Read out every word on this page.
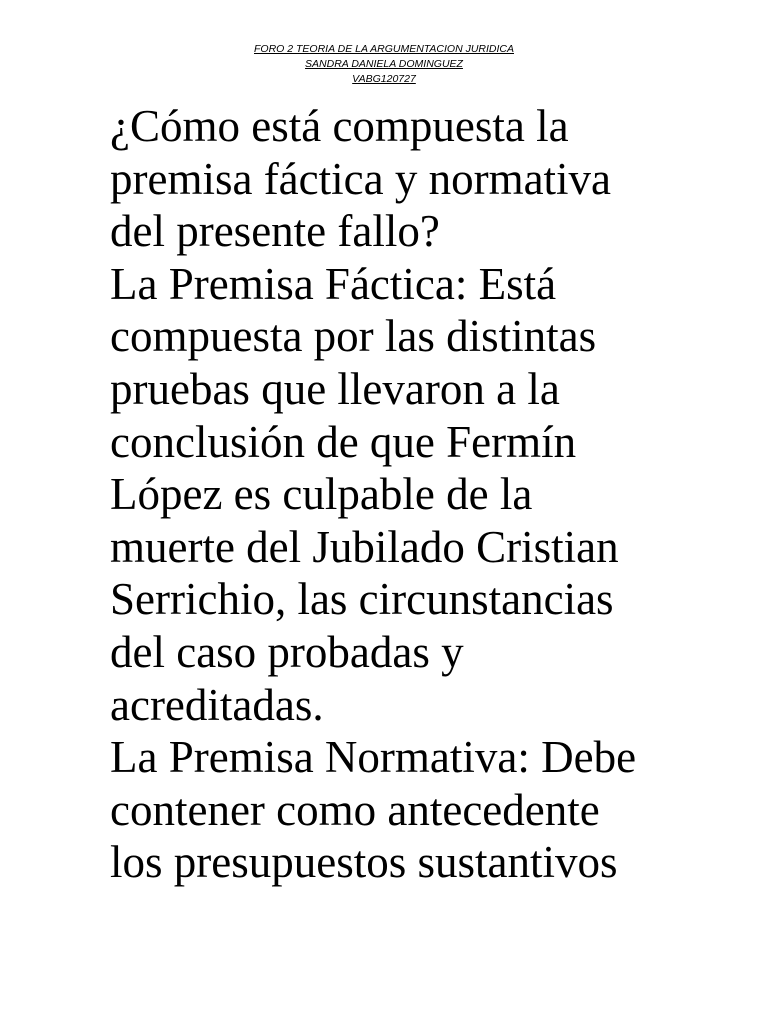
FORO 2 TEORIA DE LA ARGUMENTACION JURIDICA
SANDRA DANIELA DOMINGUEZ
VABG120727
¿Cómo está compuesta la
premisa fáctica y normativa
del presente fallo?
La Premisa Fáctica: Está
compuesta por las distintas
pruebas que llevaron a la
conclusión de que Fermín
López es culpable de la
muerte del Jubilado Cristian
Serrichio, las circunstancias
del caso probadas y
acreditadas.
La Premisa Normativa: Debe
contener como antecedente
los presupuestos sustantivos
